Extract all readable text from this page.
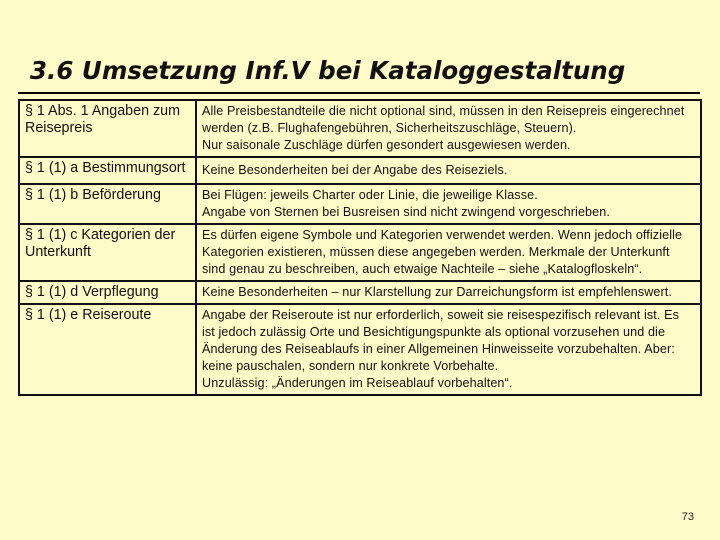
3.6 Umsetzung Inf.V bei Kataloggestaltung
§ 1 Abs. 1 Angaben zum Reisepreis	Alle Preisbestandteile die nicht optional sind, müssen in den Reisepreis eingerechnet werden (z.B. Flughafengebühren, Sicherheitszuschläge, Steuern).
Nur saisonale Zuschläge dürfen gesondert ausgewiesen werden.

§ 1 (1) a Bestimmungsort	Keine Besonderheiten bei der Angabe des Reiseziels.

§ 1 (1) b Beförderung	Bei Flügen: jeweils Charter oder Linie, die jeweilige Klasse.
Angabe von Sternen bei Busreisen sind nicht zwingend vorgeschrieben.

§ 1 (1) c Kategorien der Unterkunft	Es dürfen eigene Symbole und Kategorien verwendet werden. Wenn jedoch offizielle Kategorien existieren, müssen diese angegeben werden. Merkmale der Unterkunft sind genau zu beschreiben, auch etwaige Nachteile – siehe „Katalogfloskeln“.

§ 1 (1) d Verpflegung	Keine Besonderheiten – nur Klarstellung zur Darreichungsform ist empfehlenswert.

§ 1 (1) e Reiseroute	Angabe der Reiseroute ist nur erforderlich, soweit sie reisespezifisch relevant ist. Es ist jedoch zulässig Orte und Besichtigungspunkte als optional vorzusehen und die Änderung des Reiseablaufs in einer Allgemeinen Hinweisseite vorzubehalten. Aber: keine pauschalen, sondern nur konkrete Vorbehalte.
Unzulässig: „Änderungen im Reiseablauf vorbehalten“.
73
